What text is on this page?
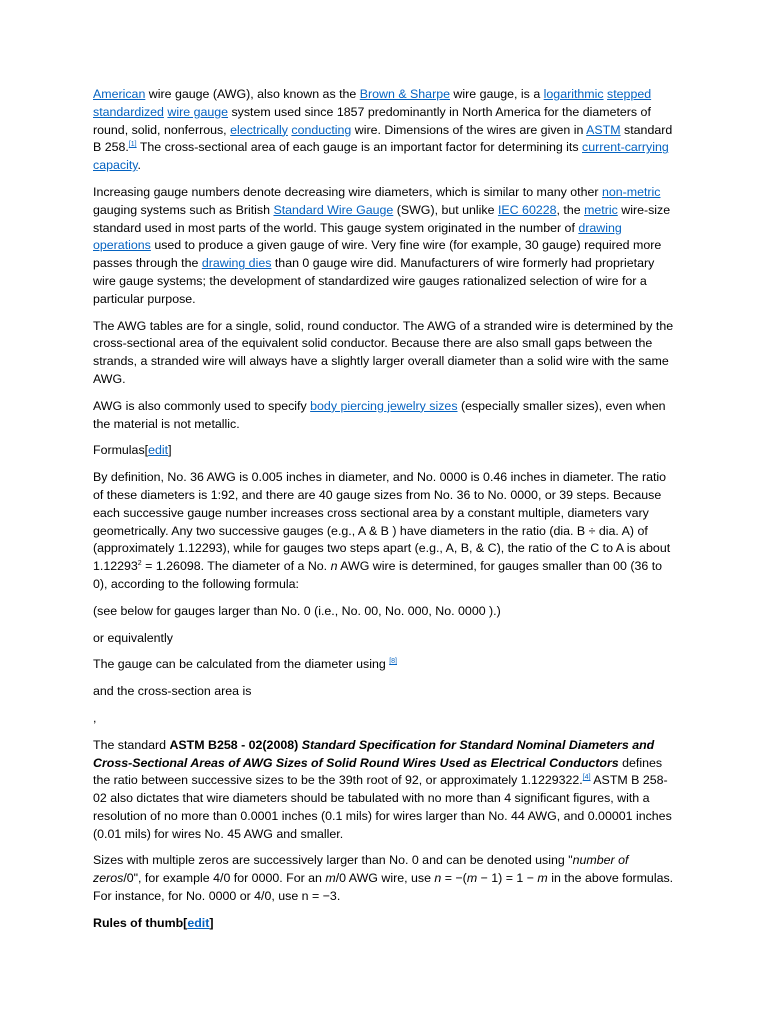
American wire gauge (AWG), also known as the Brown & Sharpe wire gauge, is a logarithmic stepped standardized wire gauge system used since 1857 predominantly in North America for the diameters of round, solid, nonferrous, electrically conducting wire. Dimensions of the wires are given in ASTM standard B 258.[1] The cross-sectional area of each gauge is an important factor for determining its current-carrying capacity.

Increasing gauge numbers denote decreasing wire diameters, which is similar to many other non-metric gauging systems such as British Standard Wire Gauge (SWG), but unlike IEC 60228, the metric wire-size standard used in most parts of the world. This gauge system originated in the number of drawing operations used to produce a given gauge of wire. Very fine wire (for example, 30 gauge) required more passes through the drawing dies than 0 gauge wire did. Manufacturers of wire formerly had proprietary wire gauge systems; the development of standardized wire gauges rationalized selection of wire for a particular purpose.

The AWG tables are for a single, solid, round conductor. The AWG of a stranded wire is determined by the cross-sectional area of the equivalent solid conductor. Because there are also small gaps between the strands, a stranded wire will always have a slightly larger overall diameter than a solid wire with the same AWG.

AWG is also commonly used to specify body piercing jewelry sizes (especially smaller sizes), even when the material is not metallic.

Formulas[edit]

By definition, No. 36 AWG is 0.005 inches in diameter, and No. 0000 is 0.46 inches in diameter. The ratio of these diameters is 1:92, and there are 40 gauge sizes from No. 36 to No. 0000, or 39 steps. Because each successive gauge number increases cross sectional area by a constant multiple, diameters vary geometrically. Any two successive gauges (e.g., A & B ) have diameters in the ratio (dia. B ÷ dia. A) of (approximately 1.12293), while for gauges two steps apart (e.g., A, B, & C), the ratio of the C to A is about $1.12293^2 = 1.26098$. The diameter of a No. n AWG wire is determined, for gauges smaller than 00 (36 to 0), according to the following formula:

(see below for gauges larger than No. 0 (i.e., No. 00, No. 000, No. 0000 ).)

or equivalently

The gauge can be calculated from the diameter using [8]

and the cross-section area is

,

The standard ASTM B258 - 02(2008) Standard Specification for Standard Nominal Diameters and Cross-Sectional Areas of AWG Sizes of Solid Round Wires Used as Electrical Conductors defines the ratio between successive sizes to be the 39th root of 92, or approximately 1.1229322.[4] ASTM B 258-02 also dictates that wire diameters should be tabulated with no more than 4 significant figures, with a resolution of no more than 0.0001 inches (0.1 mils) for wires larger than No. 44 AWG, and 0.00001 inches (0.01 mils) for wires No. 45 AWG and smaller.

Sizes with multiple zeros are successively larger than No. 0 and can be denoted using "number of zeros/0", for example 4/0 for 0000. For an m/0 AWG wire, use n = −(m − 1) = 1 − m in the above formulas. For instance, for No. 0000 or 4/0, use n = −3.

Rules of thumb[edit]
